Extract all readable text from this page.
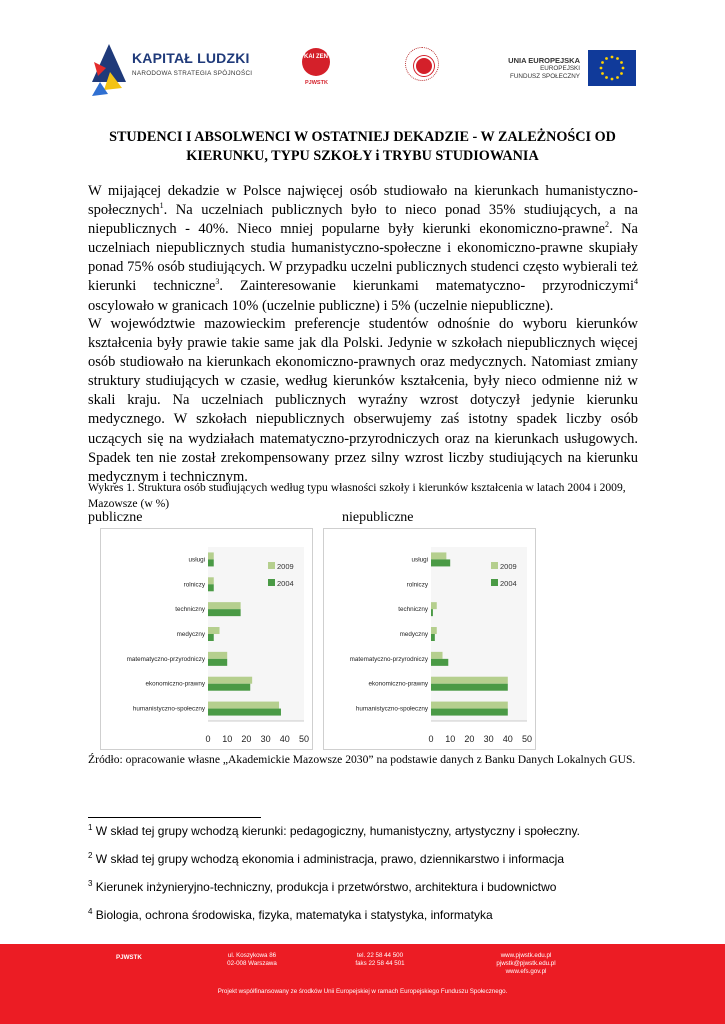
KAPITAŁ LUDZKI
NARODOWA STRATEGIA SPÓJNOŚCI
KAI ZEN
PJWSTK
UNIA EUROPEJSKA
EUROPEJSKI
FUNDUSZ SPOŁECZNY
STUDENCI I ABSOLWENCI W OSTATNIEJ DEKADZIE - W ZALEŻNOŚCI OD
KIERUNKU, TYPU SZKOŁY i TRYBU STUDIOWANIA
W mijającej dekadzie w Polsce najwięcej osób studiowało na kierunkach humanistyczno-społecznych$^1$. Na uczelniach publicznych było to nieco ponad 35% studiujących, a na niepublicznych - 40%. Nieco mniej popularne były kierunki ekonomiczno-prawne$^2$. Na uczelniach niepublicznych studia humanistyczno-społeczne i ekonomiczno-prawne skupiały ponad 75% osób studiujących. W przypadku uczelni publicznych studenci często wybierali też kierunki techniczne$^3$. Zainteresowanie kierunkami matematyczno- przyrodniczymi$^4$ oscylowało w granicach 10% (uczelnie publiczne) i 5% (uczelnie niepubliczne).
W województwie mazowieckim preferencje studentów odnośnie do wyboru kierunków kształcenia były prawie takie same jak dla Polski. Jedynie w szkołach niepublicznych więcej osób studiowało na kierunkach ekonomiczno-prawnych oraz medycznych. Natomiast zmiany struktury studiujących w czasie, według kierunków kształcenia, były nieco odmienne niż w skali kraju. Na uczelniach publicznych wyraźny wzrost dotyczył jedynie kierunku medycznego. W szkołach niepublicznych obserwujemy zaś istotny spadek liczby osób uczących się na wydziałach matematyczno-przyrodniczych oraz na kierunkach usługowych. Spadek ten nie został zrekompensowany przez silny wzrost liczby studiujących na kierunku medycznym i technicznym.
Wykres 1. Struktura osób studiujących według typu własności szkoły i kierunków kształcenia w latach 2004 i 2009, Mazowsze (w %)
publiczne	niepubliczne
usługi
rolniczy
techniczny
medyczny
matematyczno-przyrodniczy
ekonomiczno-prawny
humanistyczno-społeczny
0 10 20 30 40 50
2009
2004
usługi
rolniczy
techniczny
medyczny
matematyczno-przyrodniczy
ekonomiczno-prawny
humanistyczno-społeczny
0 10 20 30 40 50
2009
2004
Źródło: opracowanie własne „Akademickie Mazowsze 2030” na podstawie danych z Banku Danych Lokalnych GUS.
$^1$ W skład tej grupy wchodzą kierunki: pedagogiczny, humanistyczny, artystyczny i społeczny.
$^2$ W skład tej grupy wchodzą ekonomia i administracja, prawo, dziennikarstwo i informacja
$^3$ Kierunek inżynieryjno-techniczny, produkcja i przetwórstwo, architektura i budownictwo
$^4$ Biologia, ochrona środowiska, fizyka, matematyka i statystyka, informatyka
PJWSTK	ul. Koszykowa 86
02-008 Warszawa
tel. 22 58 44 500
faks 22 58 44 501
www.pjwstk.edu.pl
pjwstk@pjwstk.edu.pl
www.efs.gov.pl
Projekt współfinansowany ze środków Unii Europejskiej w ramach Europejskiego Funduszu Społecznego.
